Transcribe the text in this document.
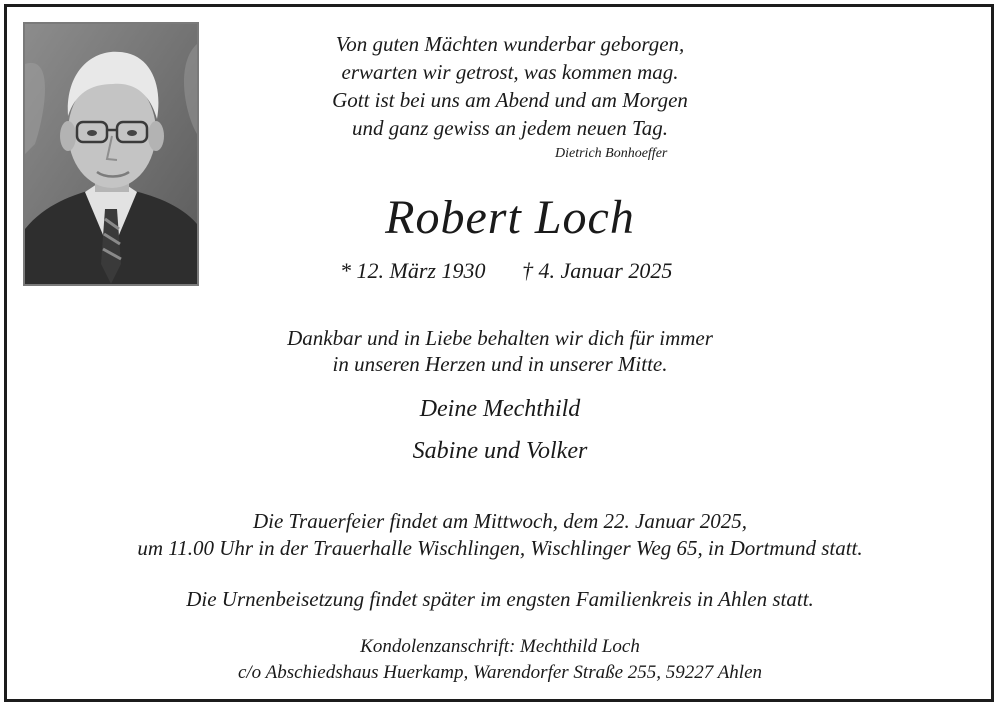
Von guten Mächten wunderbar geborgen,
erwarten wir getrost, was kommen mag.
Gott ist bei uns am Abend und am Morgen
und ganz gewiss an jedem neuen Tag.
Dietrich Bonhoeffer
Robert Loch
* 12. März 1930 † 4. Januar 2025
Dankbar und in Liebe behalten wir dich für immer
in unseren Herzen und in unserer Mitte.
Deine Mechthild
Sabine und Volker
Die Trauerfeier findet am Mittwoch, dem 22. Januar 2025,
um 11.00 Uhr in der Trauerhalle Wischlingen, Wischlinger Weg 65, in Dortmund statt.
Die Urnenbeisetzung findet später im engsten Familienkreis in Ahlen statt.
Kondolenzanschrift: Mechthild Loch
c/o Abschiedshaus Huerkamp, Warendorfer Straße 255, 59227 Ahlen
